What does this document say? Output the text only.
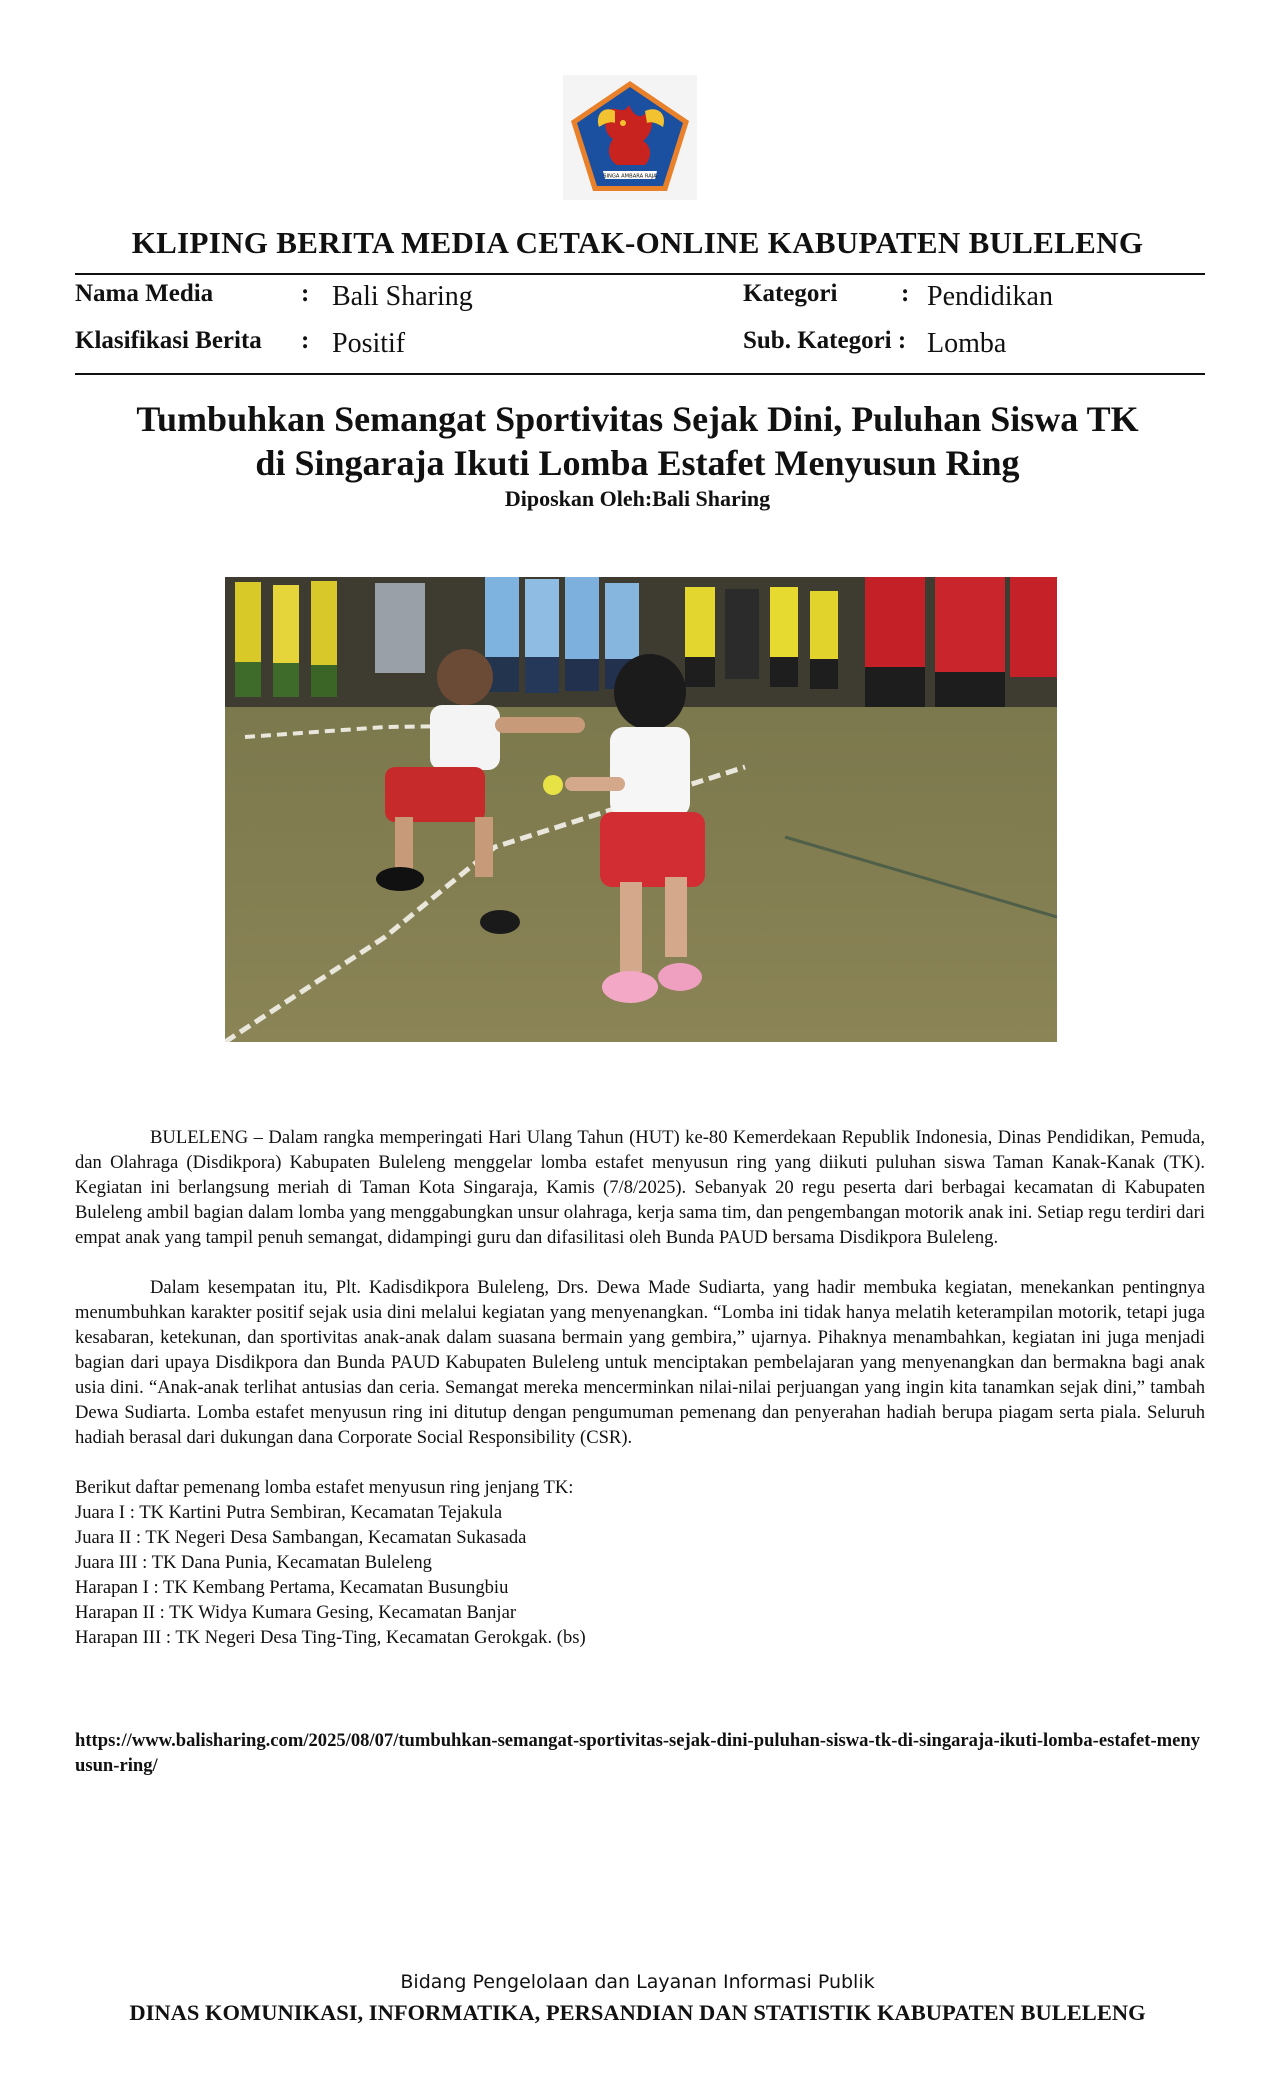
SINGA AMBARA RAJA
KLIPING BERITA MEDIA CETAK-ONLINE KABUPATEN BULELENG
Nama Media	: Bali Sharing
Klasifikasi Berita : Positif
Kategori	: Pendidikan
Sub. Kategori : Lomba
Tumbuhkan Semangat Sportivitas Sejak Dini, Puluhan Siswa TK
di Singaraja Ikuti Lomba Estafet Menyusun Ring
Diposkan Oleh:Bali Sharing

BULELENG – Dalam rangka memperingati Hari Ulang Tahun (HUT) ke-80 Kemerdekaan Republik Indonesia, Dinas Pendidikan, Pemuda, dan Olahraga (Disdikpora) Kabupaten Buleleng menggelar lomba estafet menyusun ring yang diikuti puluhan siswa Taman Kanak-Kanak (TK). Kegiatan ini berlangsung meriah di Taman Kota Singaraja, Kamis (7/8/2025). Sebanyak 20 regu peserta dari berbagai kecamatan di Kabupaten Buleleng ambil bagian dalam lomba yang menggabungkan unsur olahraga, kerja sama tim, dan pengembangan motorik anak ini. Setiap regu terdiri dari empat anak yang tampil penuh semangat, didampingi guru dan difasilitasi oleh Bunda PAUD bersama Disdikpora Buleleng.

Dalam kesempatan itu, Plt. Kadisdikpora Buleleng, Drs. Dewa Made Sudiarta, yang hadir membuka kegiatan, menekankan pentingnya menumbuhkan karakter positif sejak usia dini melalui kegiatan yang menyenangkan. “Lomba ini tidak hanya melatih keterampilan motorik, tetapi juga kesabaran, ketekunan, dan sportivitas anak-anak dalam suasana bermain yang gembira,” ujarnya. Pihaknya menambahkan, kegiatan ini juga menjadi bagian dari upaya Disdikpora dan Bunda PAUD Kabupaten Buleleng untuk menciptakan pembelajaran yang menyenangkan dan bermakna bagi anak usia dini. “Anak-anak terlihat antusias dan ceria. Semangat mereka mencerminkan nilai-nilai perjuangan yang ingin kita tanamkan sejak dini,” tambah Dewa Sudiarta. Lomba estafet menyusun ring ini ditutup dengan pengumuman pemenang dan penyerahan hadiah berupa piagam serta piala. Seluruh hadiah berasal dari dukungan dana Corporate Social Responsibility (CSR).

Berikut daftar pemenang lomba estafet menyusun ring jenjang TK:

Juara I : TK Kartini Putra Sembiran, Kecamatan Tejakula
Juara II : TK Negeri Desa Sambangan, Kecamatan Sukasada
Juara III : TK Dana Punia, Kecamatan Buleleng
Harapan I : TK Kembang Pertama, Kecamatan Busungbiu
Harapan II : TK Widya Kumara Gesing, Kecamatan Banjar
Harapan III : TK Negeri Desa Ting-Ting, Kecamatan Gerokgak. (bs)
https://www.balisharing.com/2025/08/07/tumbuhkan-semangat-sportivitas-sejak-dini-puluhan-siswa-tk-di-singaraja-ikuti-lomba-estafet-menyusun-ring/
Bidang Pengelolaan dan Layanan Informasi Publik
DINAS KOMUNIKASI, INFORMATIKA, PERSANDIAN DAN STATISTIK KABUPATEN BULELENG
